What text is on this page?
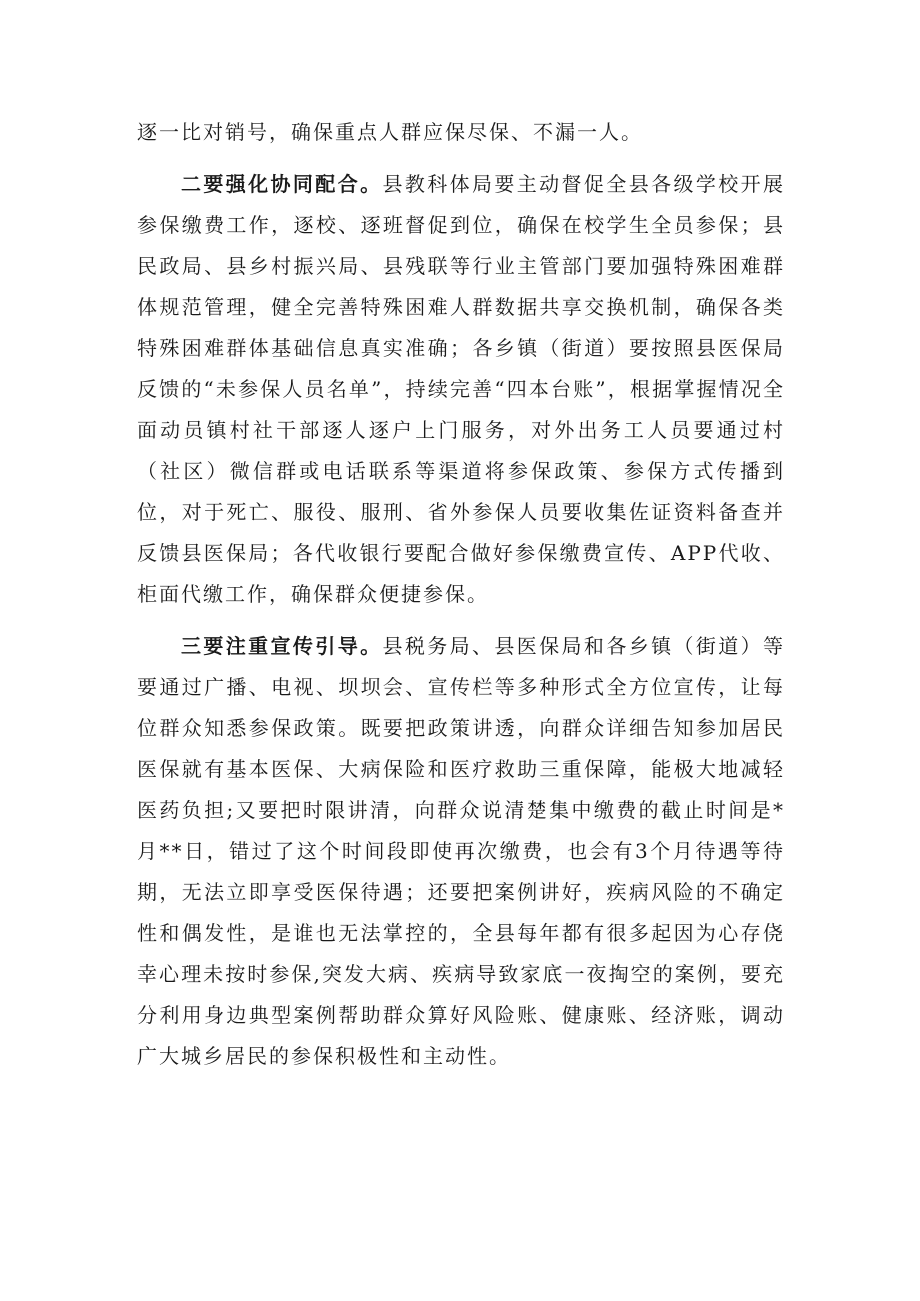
逐一比对销号，确保重点人群应保尽保、不漏一人。

二要强化协同配合。县教科体局要主动督促全县各级学校开展参保缴费工作，逐校、逐班督促到位，确保在校学生全员参保；县民政局、县乡村振兴局、县残联等行业主管部门要加强特殊困难群体规范管理，健全完善特殊困难人群数据共享交换机制，确保各类特殊困难群体基础信息真实准确；各乡镇（街道）要按照县医保局反馈的“未参保人员名单”，持续完善“四本台账”，根据掌握情况全面动员镇村社干部逐人逐户上门服务，对外出务工人员要通过村（社区）微信群或电话联系等渠道将参保政策、参保方式传播到位，对于死亡、服役、服刑、省外参保人员要收集佐证资料备查并反馈县医保局；各代收银行要配合做好参保缴费宣传、APP代收、柜面代缴工作，确保群众便捷参保。

三要注重宣传引导。县税务局、县医保局和各乡镇（街道）等要通过广播、电视、坝坝会、宣传栏等多种形式全方位宣传，让每位群众知悉参保政策。既要把政策讲透，向群众详细告知参加居民医保就有基本医保、大病保险和医疗救助三重保障，能极大地减轻医药负担;又要把时限讲清，向群众说清楚集中缴费的截止时间是*月**日，错过了这个时间段即使再次缴费，也会有3个月待遇等待期，无法立即享受医保待遇；还要把案例讲好，疾病风险的不确定性和偶发性，是谁也无法掌控的，全县每年都有很多起因为心存侥幸心理未按时参保,突发大病、疾病导致家底一夜掏空的案例，要充分利用身边典型案例帮助群众算好风险账、健康账、经济账，调动广大城乡居民的参保积极性和主动性。
